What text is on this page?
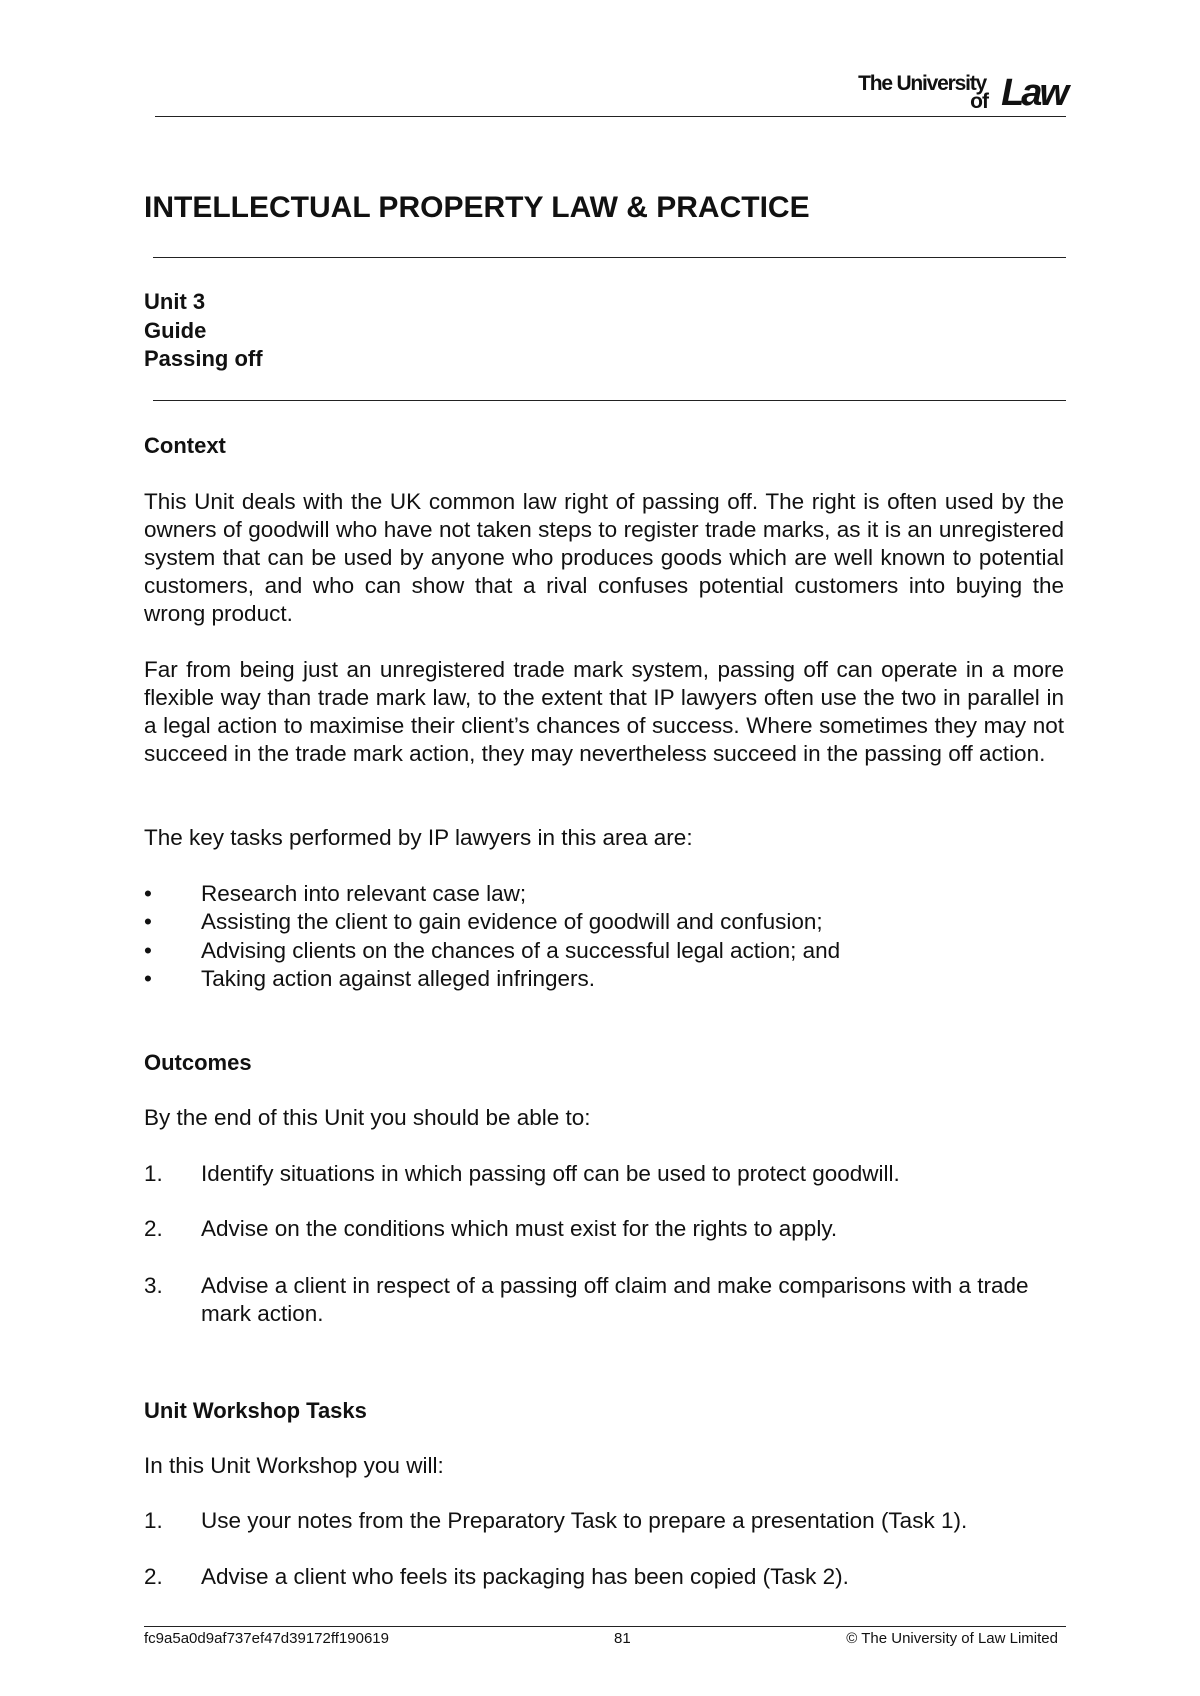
The University
of Law
INTELLECTUAL PROPERTY LAW & PRACTICE
Unit 3
Guide
Passing off
Context
This Unit deals with the UK common law right of passing off. The right is often used by the owners of goodwill who have not taken steps to register trade marks, as it is an unregistered system that can be used by anyone who produces goods which are well known to potential customers, and who can show that a rival confuses potential customers into buying the wrong product.
Far from being just an unregistered trade mark system, passing off can operate in a more flexible way than trade mark law, to the extent that IP lawyers often use the two in parallel in a legal action to maximise their client’s chances of success. Where sometimes they may not succeed in the trade mark action, they may nevertheless succeed in the passing off action.
The key tasks performed by IP lawyers in this area are:
• Research into relevant case law;
• Assisting the client to gain evidence of goodwill and confusion;
• Advising clients on the chances of a successful legal action; and
• Taking action against alleged infringers.
Outcomes
By the end of this Unit you should be able to:
1. Identify situations in which passing off can be used to protect goodwill.
2. Advise on the conditions which must exist for the rights to apply.
3. Advise a client in respect of a passing off claim and make comparisons with a trade mark action.
Unit Workshop Tasks
In this Unit Workshop you will:
1. Use your notes from the Preparatory Task to prepare a presentation (Task 1).
2. Advise a client who feels its packaging has been copied (Task 2).
fc9a5a0d9af737ef47d39172ff190619	81	© The University of Law Limited
